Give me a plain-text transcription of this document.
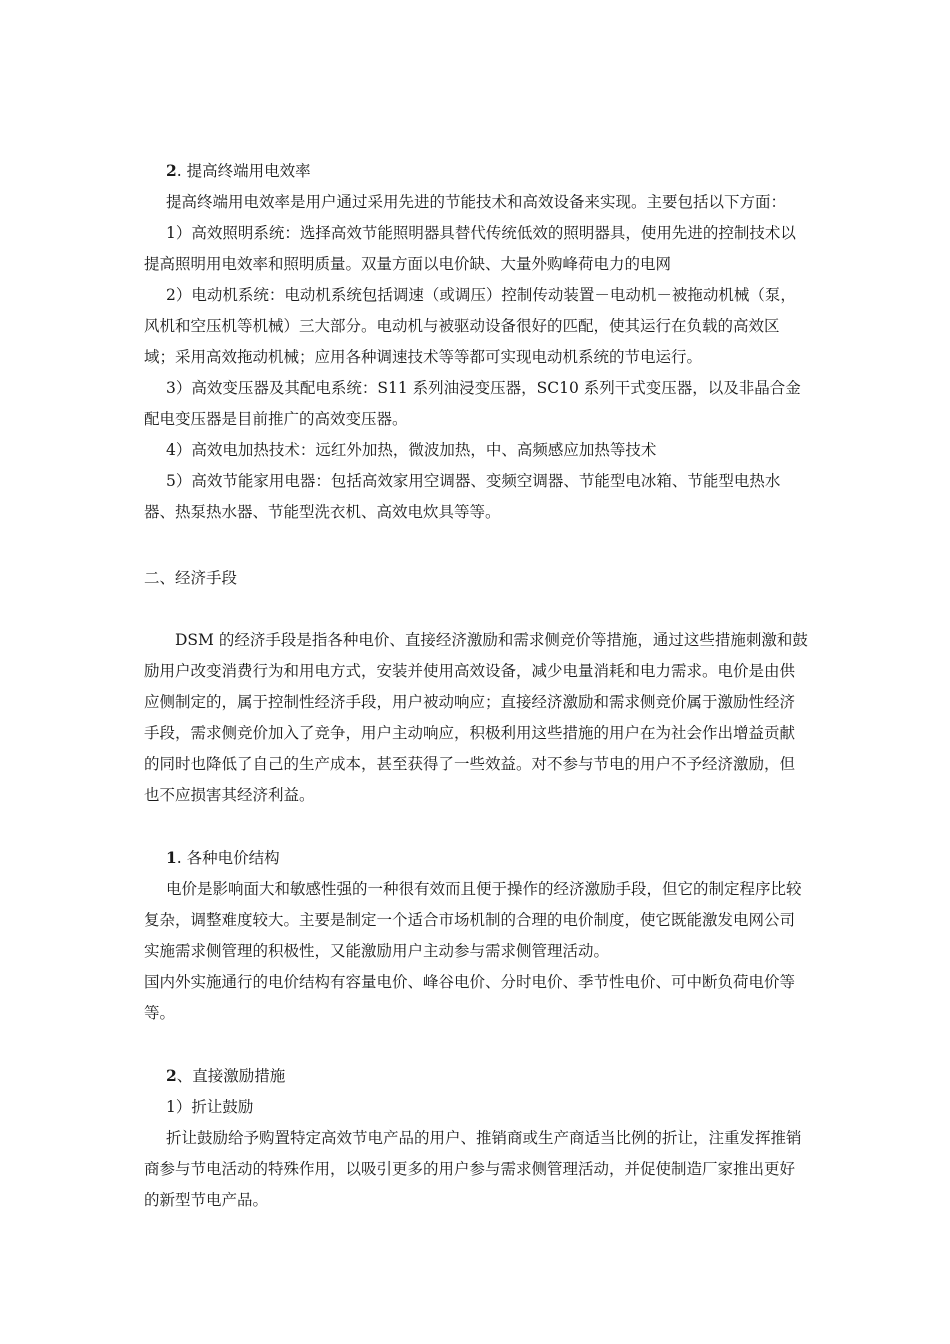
2. 提高终端用电效率

提高终端用电效率是用户通过采用先进的节能技术和高效设备来实现。主要包括以下方面：

1）高效照明系统：选择高效节能照明器具替代传统低效的照明器具，使用先进的控制技术以提高照明用电效率和照明质量。双量方面以电价缺、大量外购峰荷电力的电网

2）电动机系统：电动机系统包括调速（或调压）控制传动装置－电动机－被拖动机械（泵，风机和空压机等机械）三大部分。电动机与被驱动设备很好的匹配，使其运行在负载的高效区域；采用高效拖动机械；应用各种调速技术等等都可实现电动机系统的节电运行。

3）高效变压器及其配电系统：S11 系列油浸变压器，SC10 系列干式变压器，以及非晶合金配电变压器是目前推广的高效变压器。

4）高效电加热技术：远红外加热，微波加热，中、高频感应加热等技术

5）高效节能家用电器：包括高效家用空调器、变频空调器、节能型电冰箱、节能型电热水器、热泵热水器、节能型洗衣机、高效电炊具等等。

二、经济手段

DSM 的经济手段是指各种电价、直接经济激励和需求侧竞价等措施，通过这些措施刺激和鼓励用户改变消费行为和用电方式，安装并使用高效设备，减少电量消耗和电力需求。电价是由供应侧制定的，属于控制性经济手段，用户被动响应；直接经济激励和需求侧竞价属于激励性经济手段，需求侧竞价加入了竞争，用户主动响应，积极利用这些措施的用户在为社会作出增益贡献的同时也降低了自己的生产成本，甚至获得了一些效益。对不参与节电的用户不予经济激励，但也不应损害其经济利益。

1. 各种电价结构

电价是影响面大和敏感性强的一种很有效而且便于操作的经济激励手段，但它的制定程序比较复杂，调整难度较大。主要是制定一个适合市场机制的合理的电价制度，使它既能激发电网公司实施需求侧管理的积极性，又能激励用户主动参与需求侧管理活动。

国内外实施通行的电价结构有容量电价、峰谷电价、分时电价、季节性电价、可中断负荷电价等等。

2、直接激励措施

1）折让鼓励

折让鼓励给予购置特定高效节电产品的用户、推销商或生产商适当比例的折让，注重发挥推销商参与节电活动的特殊作用，以吸引更多的用户参与需求侧管理活动，并促使制造厂家推出更好的新型节电产品。
